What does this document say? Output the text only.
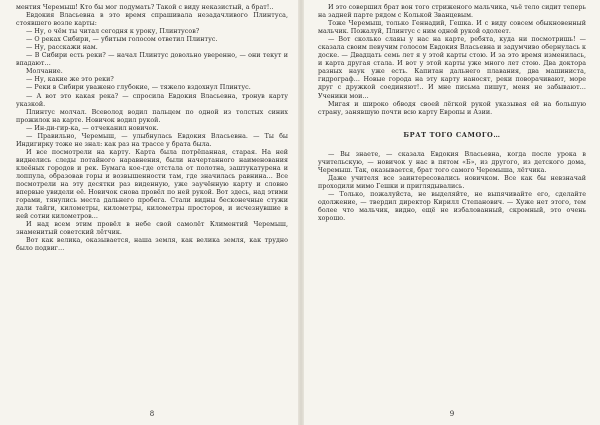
ментия Черемыш! Кто бы мог подумать? Такой с виду неказистый, а брат!..

Евдокия Власьевна в это время спрашивала незадачливого Плинтуса, стоявшего возле карты:

— Ну, о чём ты читал сегодня к уроку, Плинтусов?

— О реках Сибири, — убитым голосом ответил Плинтус.

— Ну, расскажи нам.

— В Сибири есть реки? — начал Плинтус довольно уверенно, — они текут и впадают…

Молчание.

— Ну, какие же это реки?

— Реки в Сибири уважено глубокие, — тяжело вздохнул Плинтус.

— А вот это какая река? — спросила Евдокия Власьевна, тронув карту указкой.

Плинтус молчал. Всеволод водил пальцем по одной из толстых синих прожилок на карте. Новичок водил рукой.

— Ин-ди-гир-ка, — отчеканил новичок.

— Правильно, Черемыш, — улыбнулась Евдокия Власьевна. — Ты бы Индигирку тоже не знал: как раз на трассе у брата была.

И все посмотрели на карту. Карта была потрёпанная, старая. На ней виднелись следы потайного наравнения, были начертанного наименования клеёных городов и рек. Бумага кое-где отстала от полотна, заштукатурена и лоппула, образовав горы и возвышенности там, где значилась равнина… Все посмотрели на эту десятки раз виденную, уже заучённую карту и словно впервые увидели её. Новичок снова провёл по ней рукой. Вот здесь, над этими горами, тянулись места дальнего пробега. Стали видны бесконечные стужи дали тайги, километры, километры, километры просторов, и исчезнувшие в ней сотни километров…

И над всем этим провёл в небе свой самолёт Климентий Черемыш, знаменитый советский лётчик.

Вот как велика, оказывается, наша земля, как велика земля, как трудно было подвиг…

8

И это совершил брат вон того стриженого мальчика, чьё тело сидит теперь на задней парте рядом с Колькой Званцевым.

Тоже Черемыш, только Геннадий, Гешка. И с виду совсем обыкновенный мальчик. Пожалуй, Плинтус с ним одной рукой одолеет.

— Вот сколько славы у нас на карте, ребята, куда ни посмотришь! — сказала своим певучим голосом Евдокия Власьевна и задумчиво обернулась к доске. — Двадцать семь лет я у этой карты стою. И за это время изменилась, и карта другая стала. И вот у этой карты уже много лет стою. Два доктора разных наук уже есть. Капитан дальнего плавания, два машиниста, гидрограф… Новые города на эту карту наносят, реки поворачивают, море друг с дружкой соединяют!.. И мне письма пишут, меня не забывают… Ученики мои…

Мигая и широко обводя своей лёгкой рукой указывая ей на большую страну, занявшую почти всю карту Европы и Азии.

БРАТ ТОГО САМОГО…

— Вы знаете, — сказала Евдокия Власьевна, когда после урока в учительскую, — новичок у нас в пятом «Б», из другого, из детского дома, Черемыш. Так, оказывается, брат того самого Черемыша, лётчика.

Даже учителя все заинтересовались новичком. Все как бы невзначай проходили мимо Гешки и приглядывались.

— Только, пожалуйста, не выделяйте, не выпячивайте его, сделайте одолжение, — твердил директор Кирилл Степанович. — Хуже нет этого, тем более что мальчик, видно, ещё не избалованный, скромный, это очень хорошо.

9
